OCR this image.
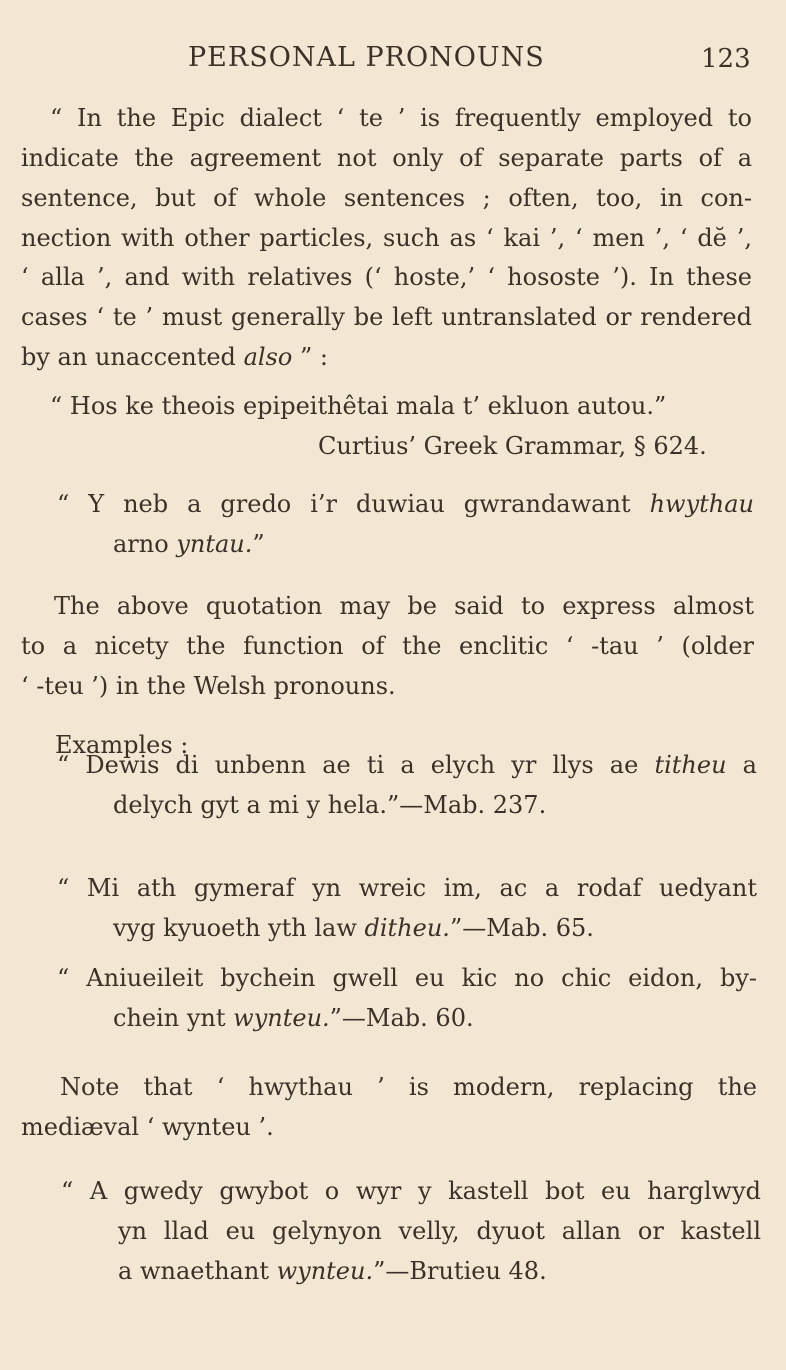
PERSONAL PRONOUNS	123
“ In the Epic dialect ‘ te ’ is frequently employed to
indicate the agreement not only of separate parts of a
sentence, but of whole sentences ; often, too, in con-
nection with other particles, such as ‘ kai ’, ‘ men ’, ‘ dĕ ’,
‘ alla ’, and with relatives (‘ hoste,’ ‘ hososte ’). In these
cases ‘ te ’ must generally be left untranslated or rendered
by an unaccented also ” :
“ Hos ke theois epipeithêtai mala t’ ekluon autou.”
Curtius’ Greek Grammar, § 624.
“ Y neb a gredo i’r duwiau gwrandawant hwythau
arno yntau.”
The above quotation may be said to express almost
to a nicety the function of the enclitic ‘ -tau ’ (older
‘ -teu ’) in the Welsh pronouns.
Examples :
“ Dewis di unbenn ae ti a elych yr llys ae titheu a
delych gyt a mi y hela.”—Mab. 237.
“ Mi ath gymeraf yn wreic im, ac a rodaf uedyant
vyg kyuoeth yth law ditheu.”—Mab. 65.
“ Aniueileit bychein gwell eu kic no chic eidon, by-
chein ynt wynteu.”—Mab. 60.
Note that ‘ hwythau ’ is modern, replacing the
mediæval ‘ wynteu ’.
“ A gwedy gwybot o wyr y kastell bot eu harglwyd
yn llad eu gelynyon velly, dyuot allan or kastell
a wnaethant wynteu.”—Brutieu 48.
